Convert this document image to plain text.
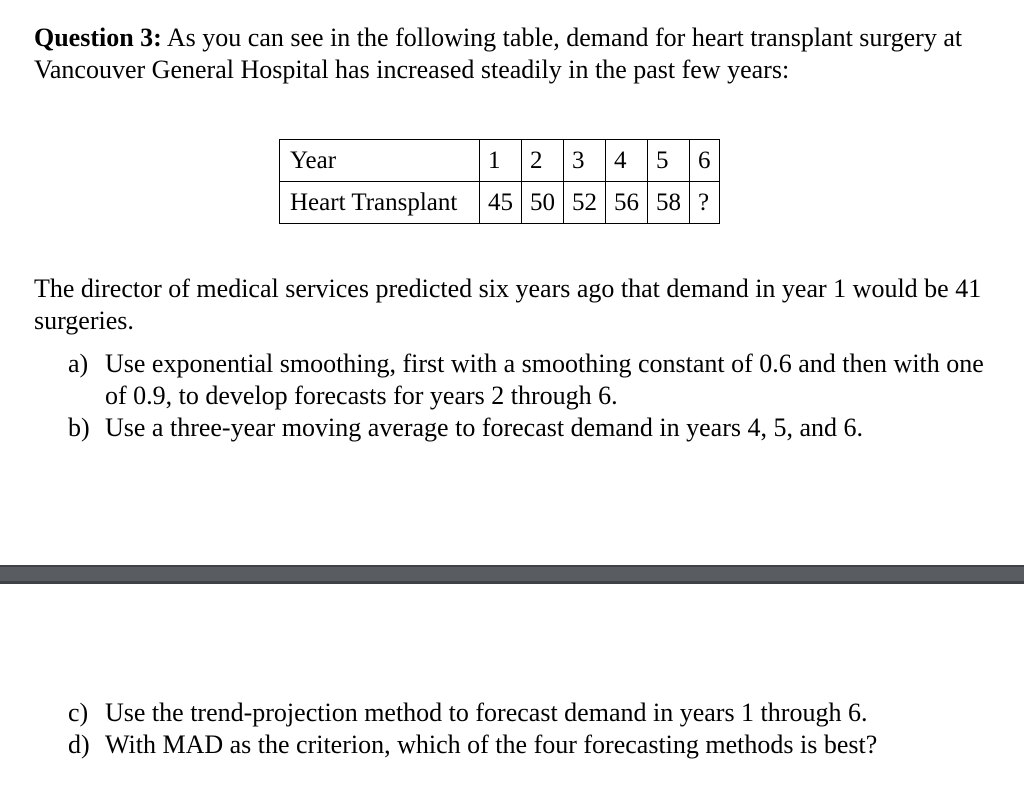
Question 3: As you can see in the following table, demand for heart transplant surgery at Vancouver General Hospital has increased steadily in the past few years:
Year	1	2	3	4	5	6
Heart Transplant	45	50	52	56	58	?
The director of medical services predicted six years ago that demand in year 1 would be 41 surgeries.
a) Use exponential smoothing, first with a smoothing constant of 0.6 and then with one of 0.9, to develop forecasts for years 2 through 6.
b) Use a three-year moving average to forecast demand in years 4, 5, and 6.
c) Use the trend-projection method to forecast demand in years 1 through 6.
d) With MAD as the criterion, which of the four forecasting methods is best?
